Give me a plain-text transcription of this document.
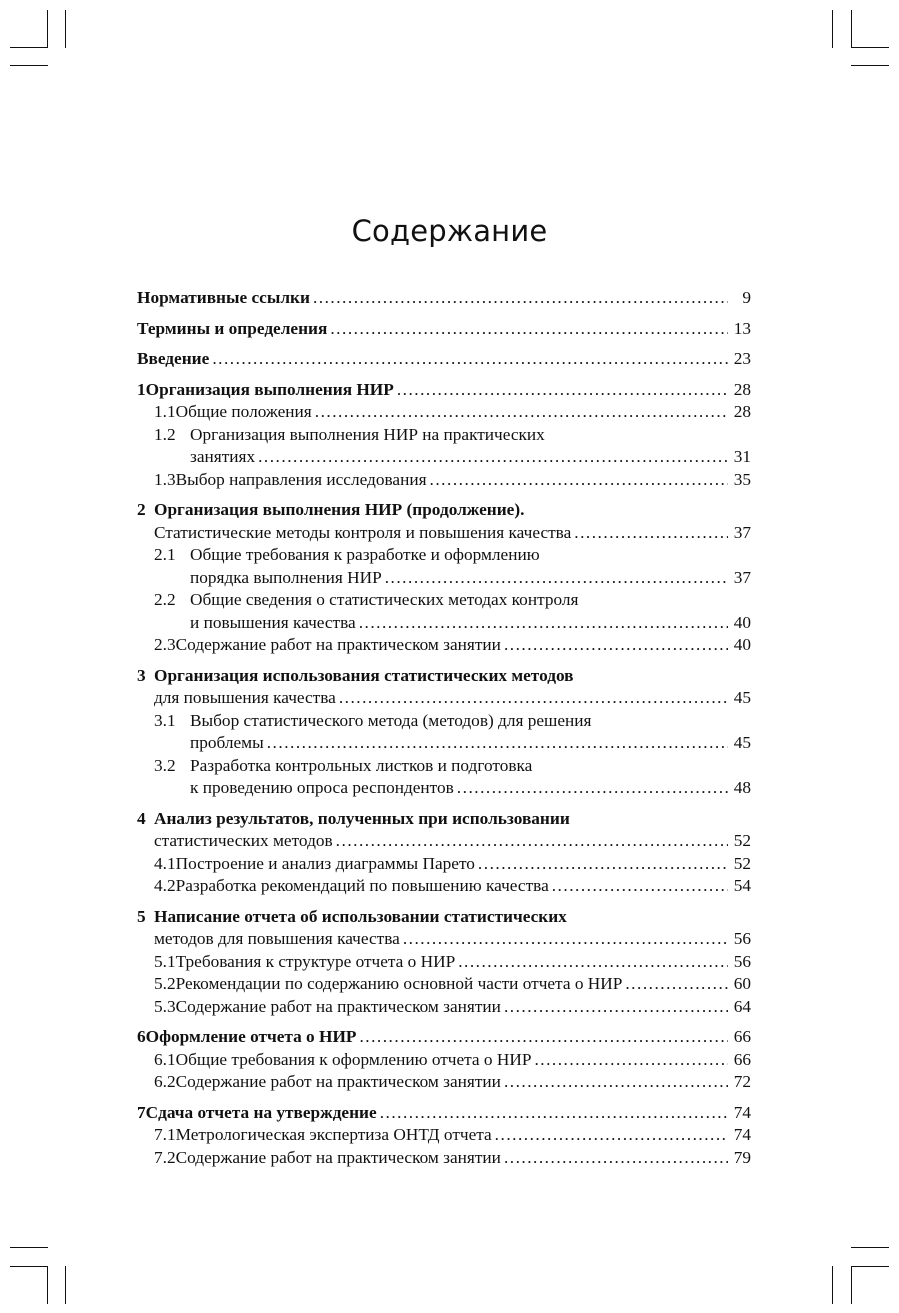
Содержание
Нормативные ссылки .....	9
Термины и определения .....	13
Введение .....	23
1 Организация выполнения НИР .....	28
1.1 Общие положения .....	28
1.2 Организация выполнения НИР на практических
занятиях .....	31
1.3 Выбор направления исследования .....	35
2 Организация выполнения НИР (продолжение).
Статистические методы контроля и повышения качества .....	37
2.1 Общие требования к разработке и оформлению
порядка выполнения НИР .....	37
2.2 Общие сведения о статистических методах контроля
и повышения качества .....	40
2.3 Содержание работ на практическом занятии .....	40
3 Организация использования статистических методов
для повышения качества .....	45
3.1 Выбор статистического метода (методов) для решения
проблемы .....	45
3.2 Разработка контрольных листков и подготовка
к проведению опроса респондентов .....	48
4 Анализ результатов, полученных при использовании
статистических методов .....	52
4.1 Построение и анализ диаграммы Парето .....	52
4.2 Разработка рекомендаций по повышению качества .....	54
5 Написание отчета об использовании статистических
методов для повышения качества .....	56
5.1 Требования к структуре отчета о НИР .....	56
5.2 Рекомендации по содержанию основной части отчета о НИР .....	60
5.3 Содержание работ на практическом занятии .....	64
6 Оформление отчета о НИР .....	66
6.1 Общие требования к оформлению отчета о НИР .....	66
6.2 Содержание работ на практическом занятии .....	72
7 Сдача отчета на утверждение .....	74
7.1 Метрологическая экспертиза ОНТД отчета .....	74
7.2 Содержание работ на практическом занятии .....	79
